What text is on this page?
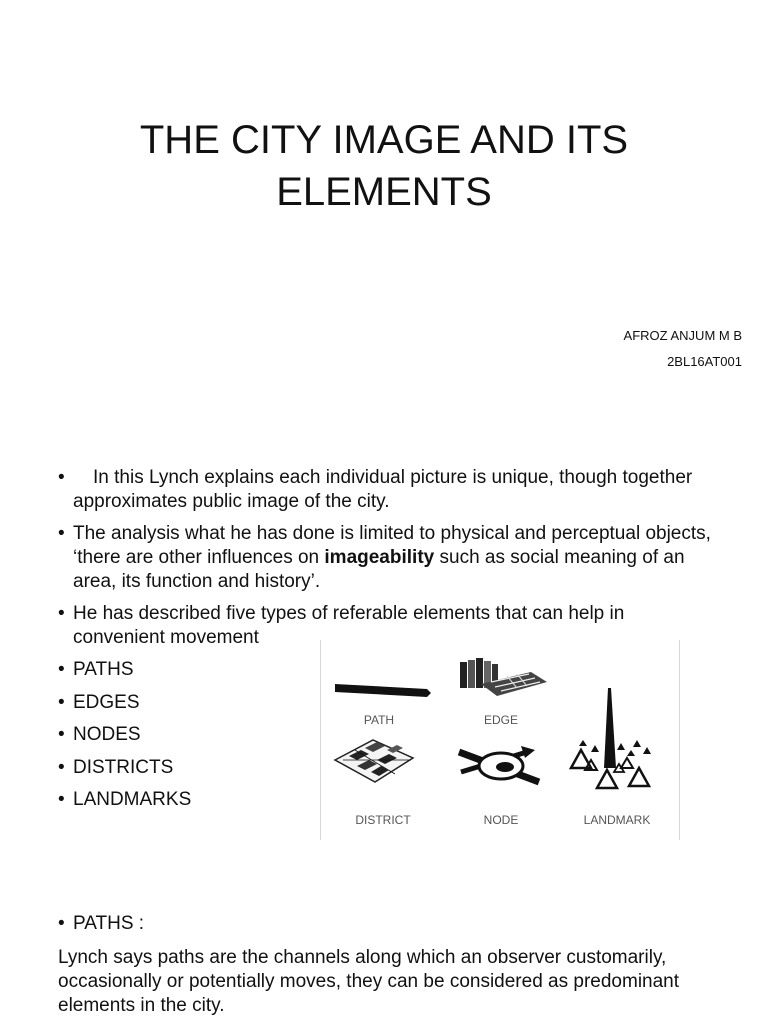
THE CITY IMAGE AND ITS
ELEMENTS
AFROZ ANJUM M B
2BL16AT001
• In this Lynch explains each individual picture is unique, though together approximates public image of the city.
• The analysis what he has done is limited to physical and perceptual objects, ‘there are other influences on imageability such as social meaning of an area, its function and history’.
• He has described five types of referable elements that can help in convenient movement
• PATHS
• EDGES
• NODES
• DISTRICTS
• LANDMARKS
PATH	EDGE
DISTRICT	NODE	LANDMARK
• PATHS :
Lynch says paths are the channels along which an observer customarily, occasionally or potentially moves, they can be considered as predominant elements in the city.
